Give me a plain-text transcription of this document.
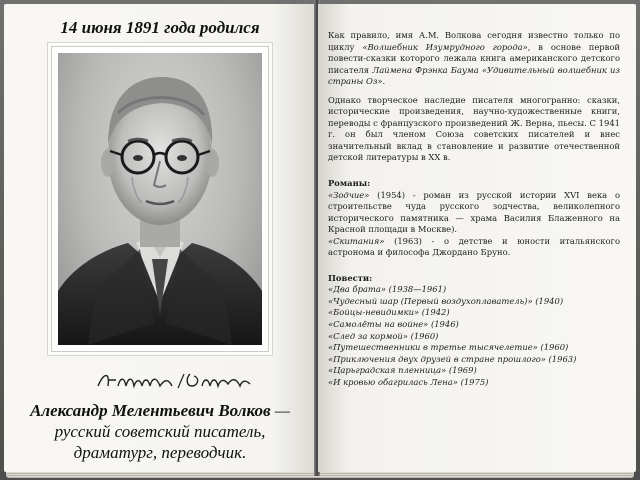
14 июня 1891 года родился
Александр Мелентьевич Волков — русский советский писатель, драматург, переводчик.

Как правило, имя А.М. Волкова сегодня известно только по циклу «Волшебник Изумрудного города», в основе первой повести-сказки которого лежала книга американского детского писателя Лаймена Фрэнка Баума «Удивительный волшебник из страны Оз».

Однако творческое наследие писателя многогранно: сказки, исторические произведения, научно-художественные книги, переводы с французского произведений Ж. Верна, пьесы. С 1941 г. он был членом Союза советских писателей и внес значительный вклад в становление и развитие отечественной детской литературы в XX в.

Романы:
«Зодчие» (1954) - роман из русской истории XVI века о строительстве чуда русского зодчества, великолепного исторического памятника — храма Василия Блаженного на Красной площади в Москве).
«Скитания» (1963) - о детстве и юности итальянского астронома и философа Джордано Бруно.
Повести:
«Два брата» (1938—1961)
«Чудесный шар (Первый воздухоплаватель)» (1940)
«Бойцы-невидимки» (1942)
«Самолёты на войне» (1946)
«След за кормой» (1960)
«Путешественники в третье тысячелетие» (1960)
«Приключения двух друзей в стране прошлого» (1963)
«Царьградская пленница» (1969)
«И кровью обагрилась Лена» (1975)
